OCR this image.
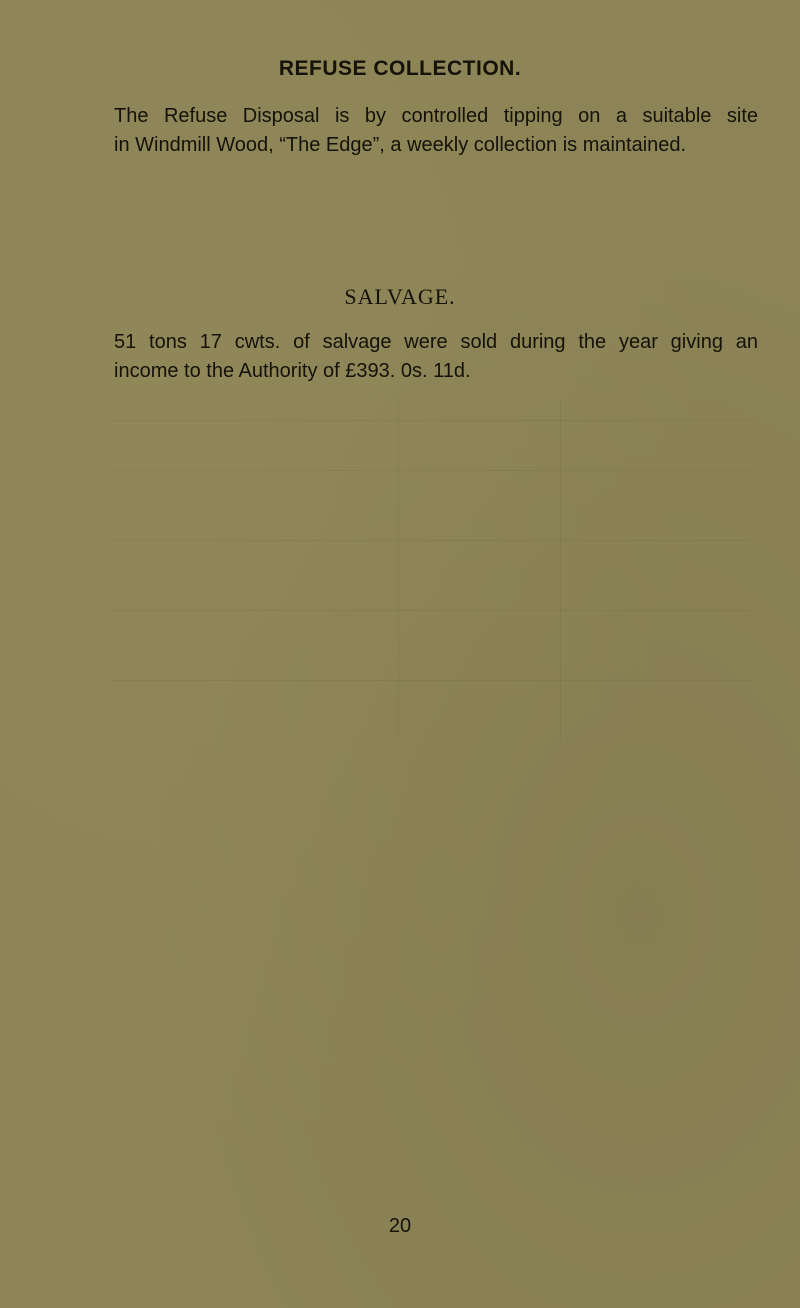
REFUSE COLLECTION.

The Refuse Disposal is by controlled tipping on a suitable site
in Windmill Wood, “The Edge”, a weekly collection is maintained.

SALVAGE.

51 tons 17 cwts. of salvage were sold during the year giving an
income to the Authority of £393. 0s. 11d.

20
